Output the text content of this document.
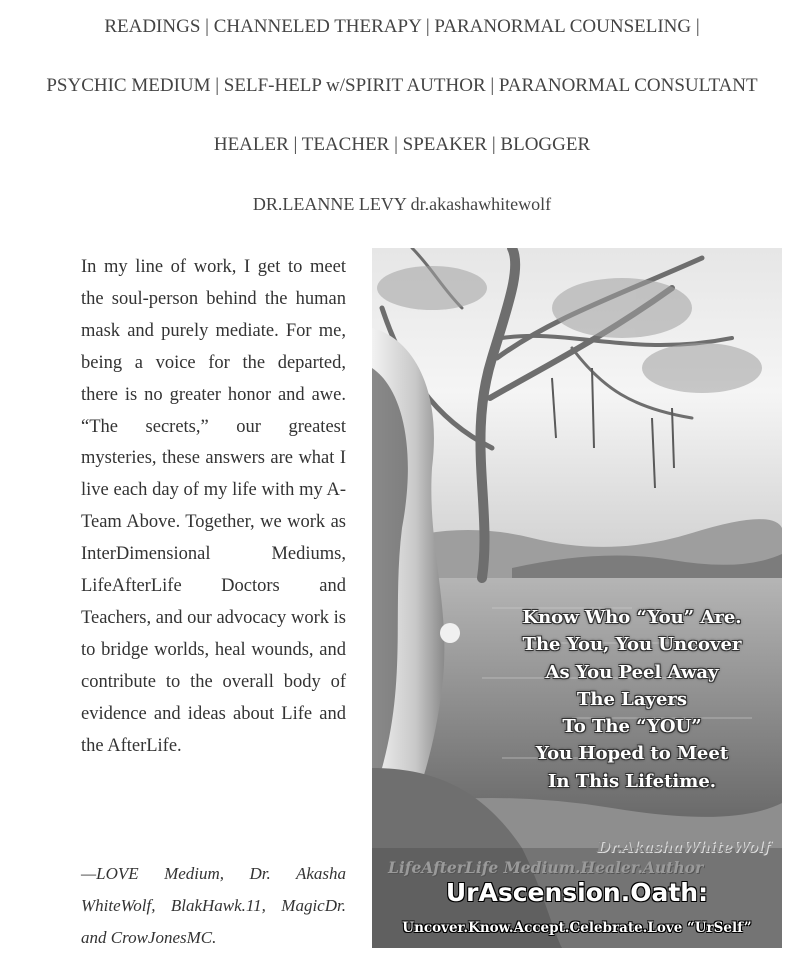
READINGS | CHANNELED THERAPY | PARANORMAL COUNSELING |
PSYCHIC MEDIUM | SELF-HELP w/SPIRIT AUTHOR | PARANORMAL CONSULTANT
HEALER | TEACHER | SPEAKER | BLOGGER
DR.LEANNE LEVY dr.akashawhitewolf

In my line of work, I get to meet the soul-person behind the human mask and purely mediate. For me, being a voice for the departed, there is no greater honor and awe. “The secrets,” our greatest mysteries, these answers are what I live each day of my life with my A-Team Above. Together, we work as InterDimensional Mediums, LifeAfterLife Doctors and Teachers, and our advocacy work is to bridge worlds, heal wounds, and contribute to the overall body of evidence and ideas about Life and the AfterLife.

—LOVE Medium, Dr. Akasha WhiteWolf, BlakHawk.11, MagicDr. and CrowJonesMC.

Know Who “You” Are.
The You, You Uncover
As You Peel Away
The Layers
To The “YOU”
You Hoped to Meet
In This Lifetime.
Dr.AkashaWhiteWolf
LifeAfterLife Medium.Healer.Author
UrAscension.Oath:
Uncover.Know.Accept.Celebrate.Love “UrSelf”
